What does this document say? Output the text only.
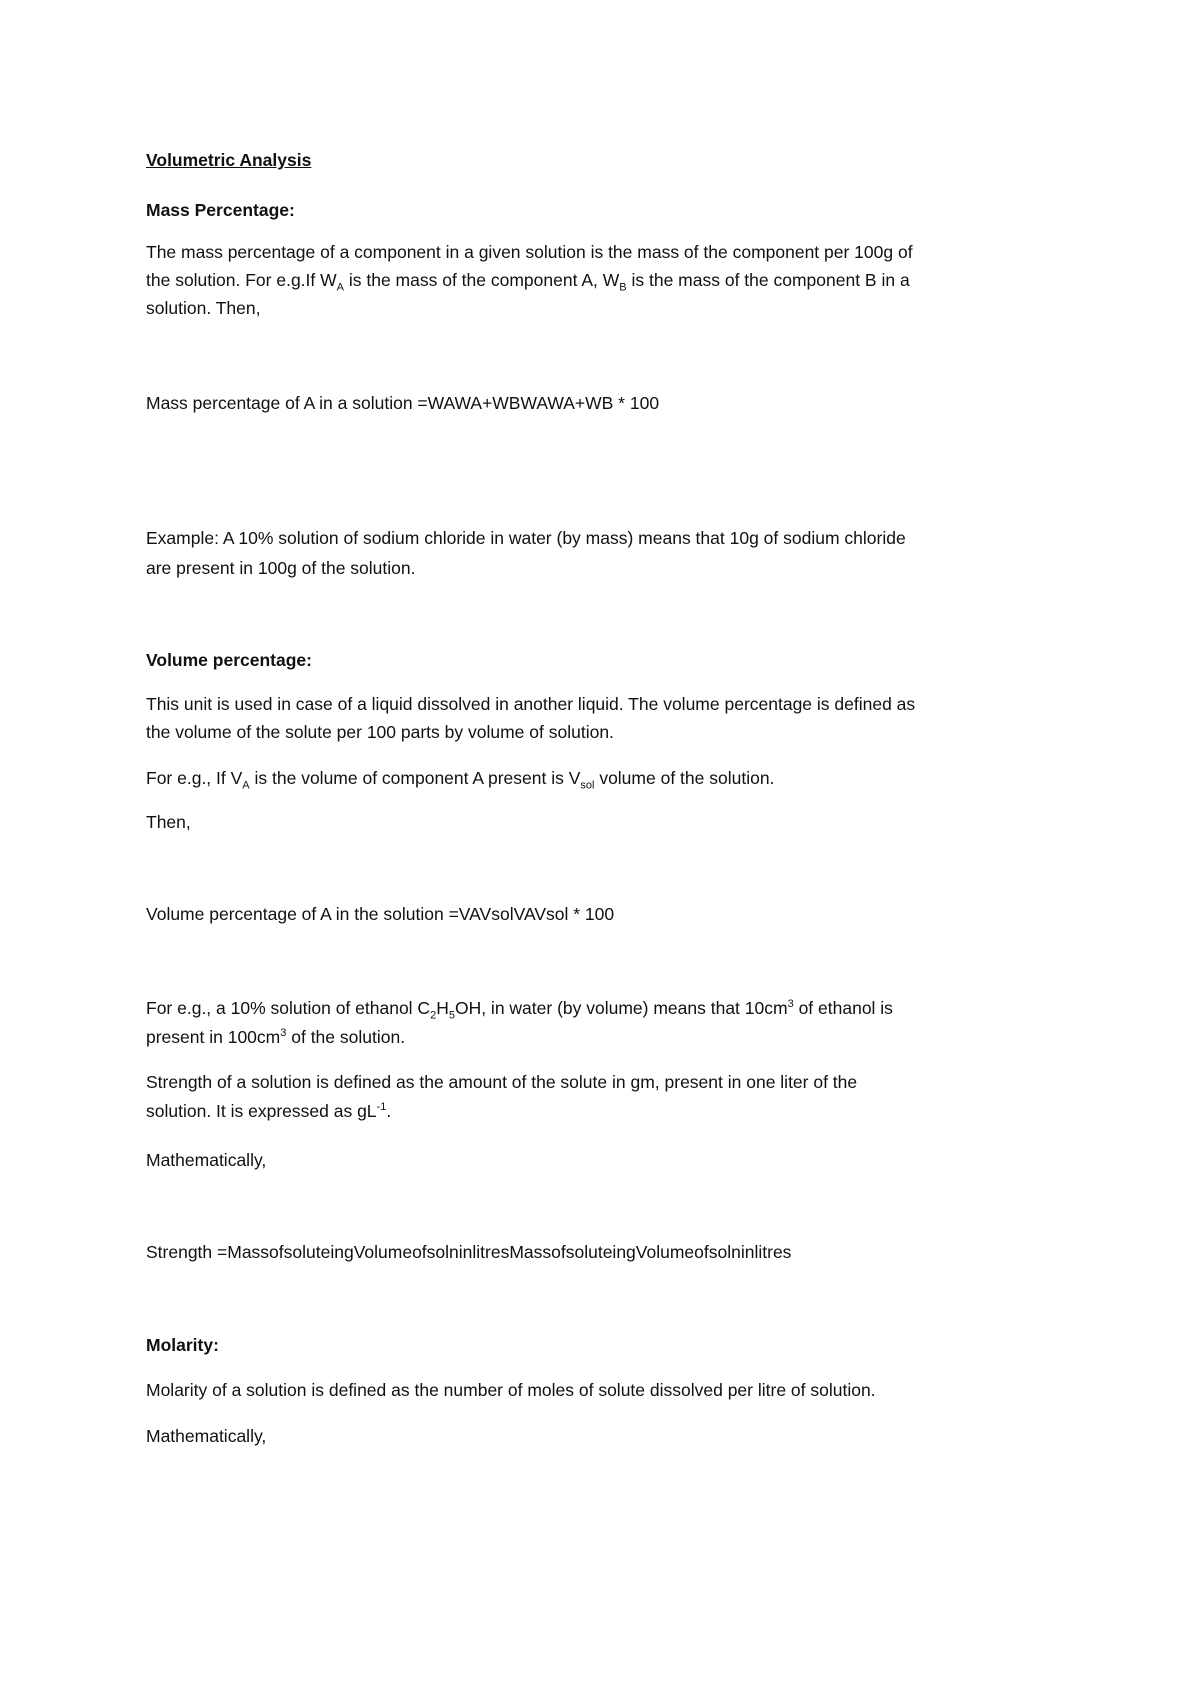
Volumetric Analysis

Mass Percentage:

The mass percentage of a component in a given solution is the mass of the component per 100g of

the solution. For e.g.If $W_A$ is the mass of the component A, $W_B$ is the mass of the component B in a

solution. Then,

Mass percentage of A in a solution =WAWA+WBWAWA+WB * 100

Example: A 10% solution of sodium chloride in water (by mass) means that 10g of sodium chloride

are present in 100g of the solution.

Volume percentage:

This unit is used in case of a liquid dissolved in another liquid. The volume percentage is defined as

the volume of the solute per 100 parts by volume of solution.

For e.g., If $V_A$ is the volume of component A present is $V_{sol}$ volume of the solution.

Then,

Volume percentage of A in the solution =VAVsolVAVsol * 100

For e.g., a 10% solution of ethanol $C_2H_5OH$, in water (by volume) means that $10cm^3$ of ethanol is

present in $100cm^3$ of the solution.

Strength of a solution is defined as the amount of the solute in gm, present in one liter of the

solution. It is expressed as $gL^{-1}$.

Mathematically,

Strength =MassofsoluteingVolumeofsolninlitresMassofsoluteingVolumeofsolninlitres

Molarity:

Molarity of a solution is defined as the number of moles of solute dissolved per litre of solution.

Mathematically,
